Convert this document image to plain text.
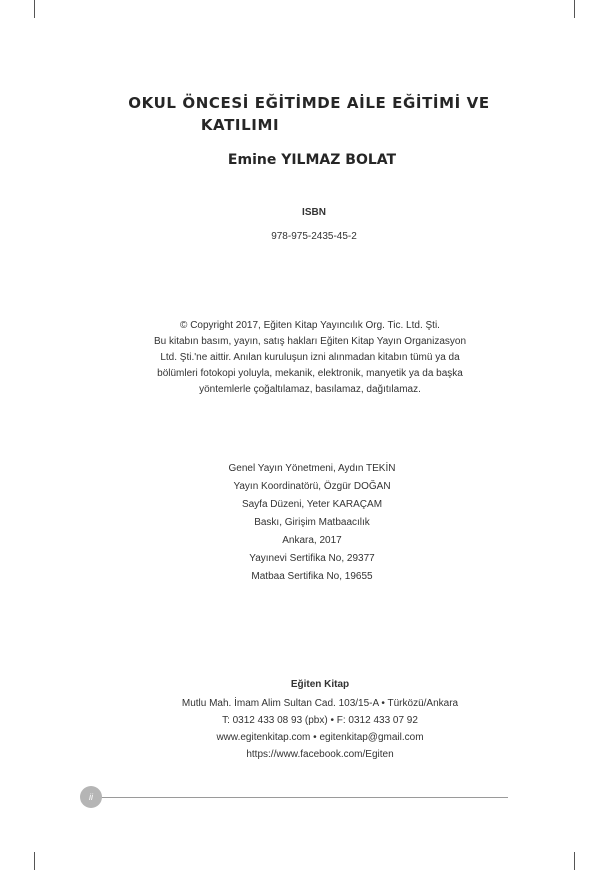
OKUL ÖNCESİ EĞİTİMDE AİLE EĞİTİMİ VE
KATILIMI
Emine YILMAZ BOLAT
ISBN
978-975-2435-45-2

© Copyright 2017, Eğiten Kitap Yayıncılık Org. Tic. Ltd. Şti.

Bu kitabın basım, yayın, satış hakları Eğiten Kitap Yayın Organizasyon Ltd. Şti.'ne aittir. Anılan kuruluşun izni alınmadan kitabın tümü ya da bölümleri fotokopi yoluyla, mekanik, elektronik, manyetik ya da başka yöntemlerle çoğaltılamaz, basılamaz, dağıtılamaz.

Genel Yayın Yönetmeni, Aydın TEKİN
Yayın Koordinatörü, Özgür DOĞAN
Sayfa Düzeni, Yeter KARAÇAM
Baskı, Girişim Matbaacılık
Ankara, 2017
Yayınevi Sertifika No, 29377
Matbaa Sertifika No, 19655
Eğiten Kitap
Mutlu Mah. İmam Alim Sultan Cad. 103/15-A • Türközü/Ankara
T: 0312 433 08 93 (pbx) • F: 0312 433 07 92
www.egitenkitap.com • egitenkitap@gmail.com
https://www.facebook.com/Egiten
ii
